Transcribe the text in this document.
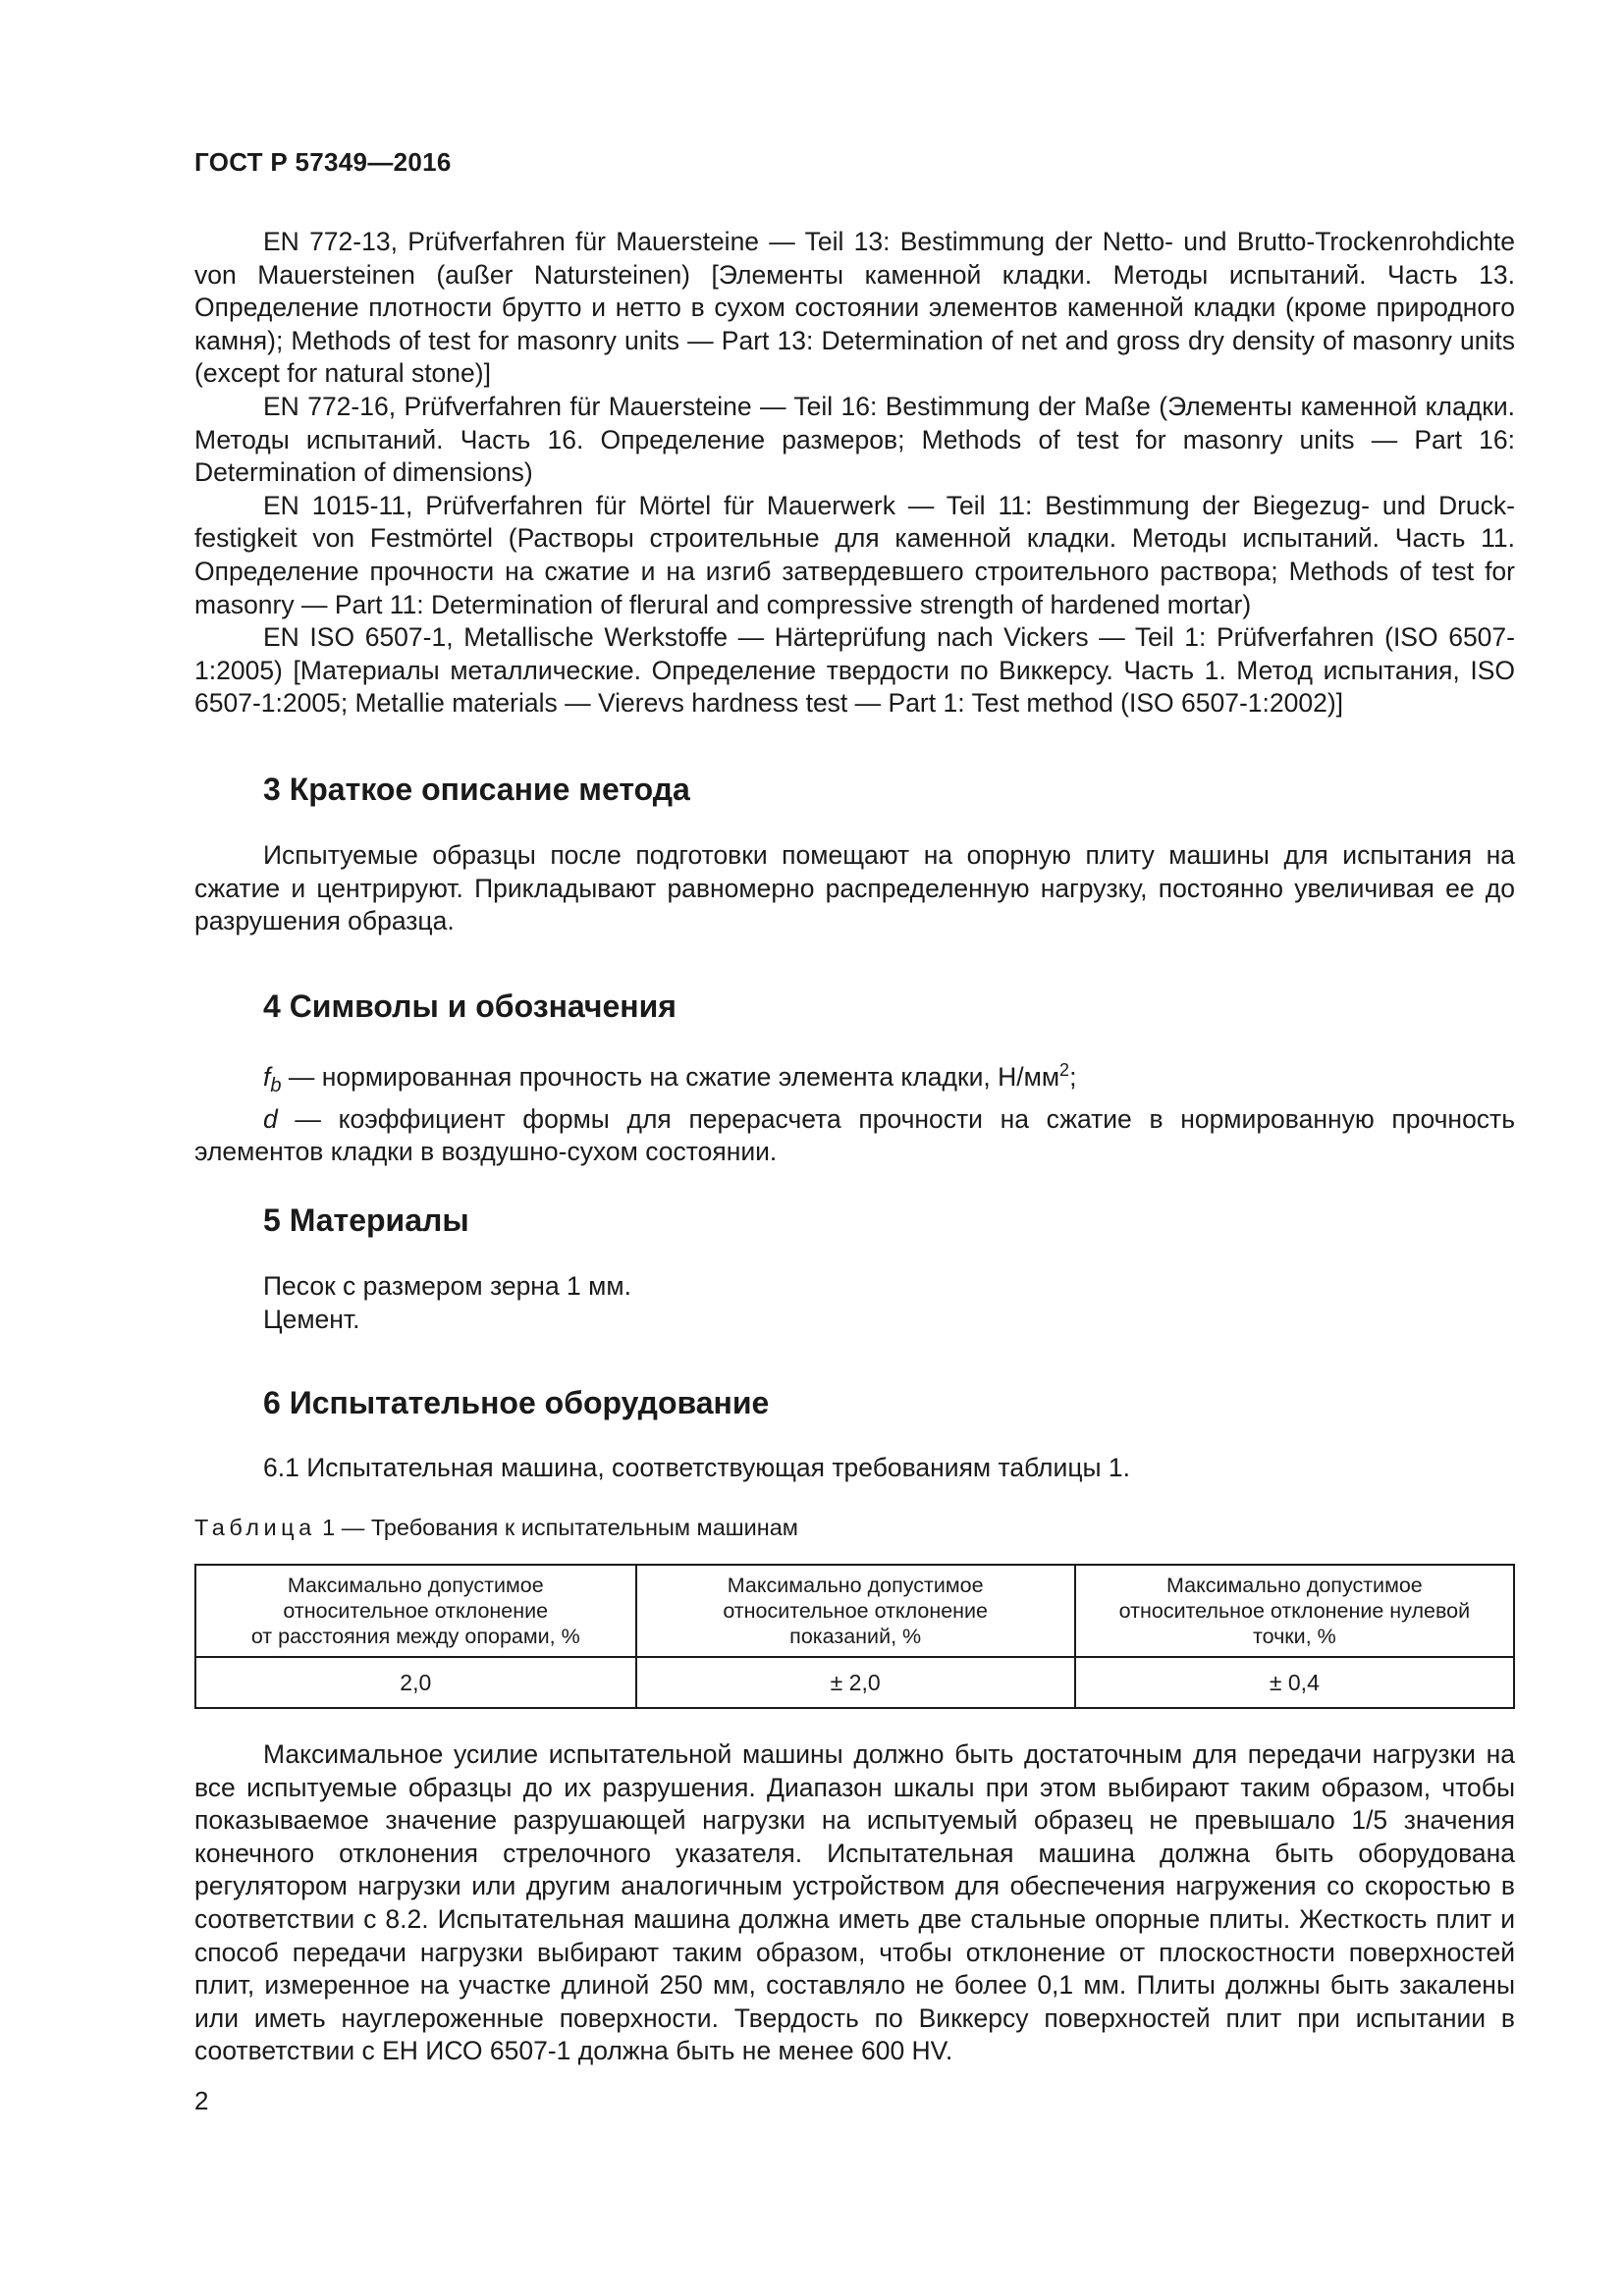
ГОСТ Р 57349—2016

EN 772-13, Prüfverfahren für Mauersteine — Teil 13: Bestimmung der Netto- und Brutto-Trockenrohdichte von Mauersteinen (außer Natursteinen) [Элементы каменной кладки. Методы испытаний. Часть 13. Определение плотности брутто и нетто в сухом состоянии элементов каменной кладки (кроме природного камня); Methods of test for masonry units — Part 13: Determination of net and gross dry density of masonry units (except for natural stone)]

EN 772-16, Prüfverfahren für Mauersteine — Teil 16: Bestimmung der Maße (Элементы каменной кладки. Методы испытаний. Часть 16. Определение размеров; Methods of test for masonry units — Part 16: Determination of dimensions)

EN 1015-11, Prüfverfahren für Mörtel für Mauerwerk — Teil 11: Bestimmung der Biegezug- und Druck-festigkeit von Festmörtel (Растворы строительные для каменной кладки. Методы испытаний. Часть 11. Определение прочности на сжатие и на изгиб затвердевшего строительного раствора; Methods of test for masonry — Part 11: Determination of flerural and compressive strength of hardened mortar)

EN ISO 6507-1, Metallische Werkstoffe — Härteprüfung nach Vickers — Teil 1: Prüfverfahren (ISO 6507-1:2005) [Материалы металлические. Определение твердости по Виккерсу. Часть 1. Метод испытания, ISO 6507-1:2005; Metallie materials — Vierevs hardness test — Part 1: Test method (ISO 6507-1:2002)]

3 Краткое описание метода

Испытуемые образцы после подготовки помещают на опорную плиту машины для испытания на сжатие и центрируют. Прикладывают равномерно распределенную нагрузку, постоянно увеличивая ее до разрушения образца.

4 Символы и обозначения

$f_b$ — нормированная прочность на сжатие элемента кладки, $Н/мм^2$;

d — коэффициент формы для перерасчета прочности на сжатие в нормированную прочность элементов кладки в воздушно-сухом состоянии.

5 Материалы

Песок с размером зерна 1 мм.

Цемент.

6 Испытательное оборудование

6.1 Испытательная машина, соответствующая требованиям таблицы 1.

Таблица 1 — Требования к испытательным машинам
Максимально допустимое
относительное отклонение
от расстояния между опорами, %	Максимально допустимое
относительное отклонение
показаний, %	Максимально допустимое
относительное отклонение нулевой
точки, %
2,0	± 2,0	± 0,4

Максимальное усилие испытательной машины должно быть достаточным для передачи нагрузки на все испытуемые образцы до их разрушения. Диапазон шкалы при этом выбирают таким образом, чтобы показываемое значение разрушающей нагрузки на испытуемый образец не превышало 1/5 значения конечного отклонения стрелочного указателя. Испытательная машина должна быть оборудована регулятором нагрузки или другим аналогичным устройством для обеспечения нагружения со скоростью в соответствии с 8.2. Испытательная машина должна иметь две стальные опорные плиты. Жесткость плит и способ передачи нагрузки выбирают таким образом, чтобы отклонение от плоскостности поверхностей плит, измеренное на участке длиной 250 мм, составляло не более 0,1 мм. Плиты должны быть закалены или иметь науглероженные поверхности. Твердость по Виккерсу поверхностей плит при испытании в соответствии с ЕН ИСО 6507-1 должна быть не менее 600 HV.

2
